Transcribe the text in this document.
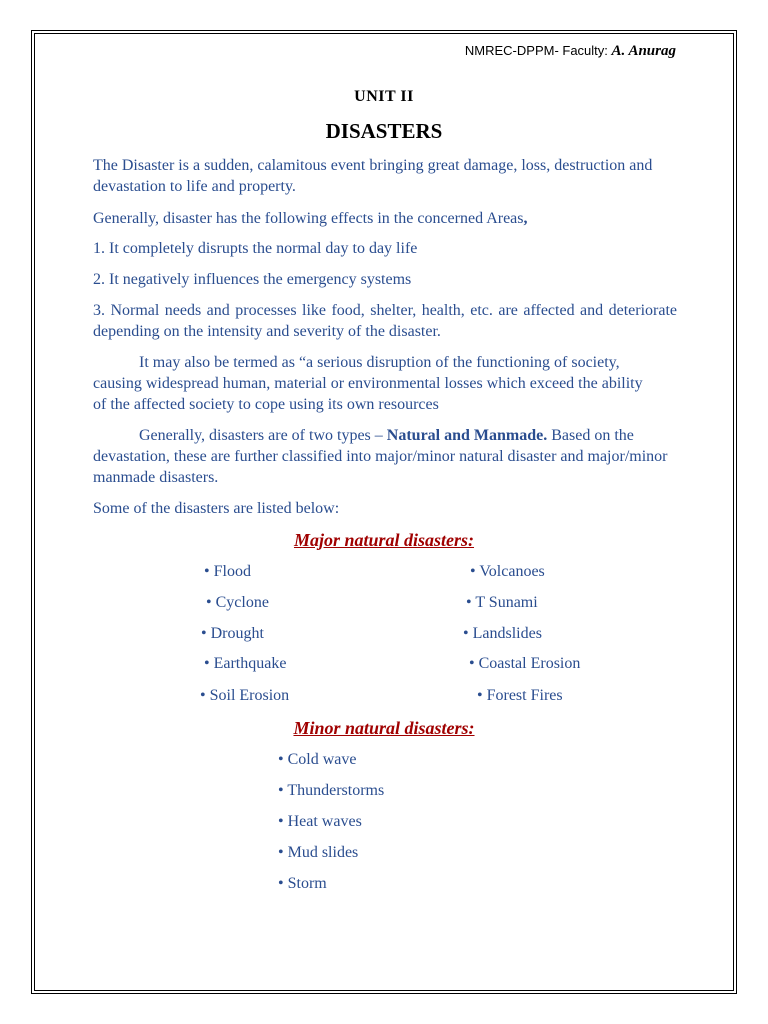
NMREC-DPPM- Faculty: A. Anurag
UNIT II
DISASTERS

The Disaster is a sudden, calamitous event bringing great damage, loss, destruction and devastation to life and property.

Generally, disaster has the following effects in the concerned Areas,

1. It completely disrupts the normal day to day life

2. It negatively influences the emergency systems

3. Normal needs and processes like food, shelter, health, etc. are affected and deteriorate depending on the intensity and severity of the disaster.

It may also be termed as “a serious disruption of the functioning of society, causing widespread human, material or environmental losses which exceed the ability of the affected society to cope using its own resources

Generally, disasters are of two types – Natural and Manmade. Based on the devastation, these are further classified into major/minor natural disaster and major/minor manmade disasters.

Some of the disasters are listed below:

Major natural disasters:
• Flood
• Cyclone
• Drought
• Earthquake
• Soil Erosion
• Volcanoes
• T Sunami
• Landslides
• Coastal Erosion
• Forest Fires
Minor natural disasters:
• Cold wave
• Thunderstorms
• Heat waves
• Mud slides
• Storm
